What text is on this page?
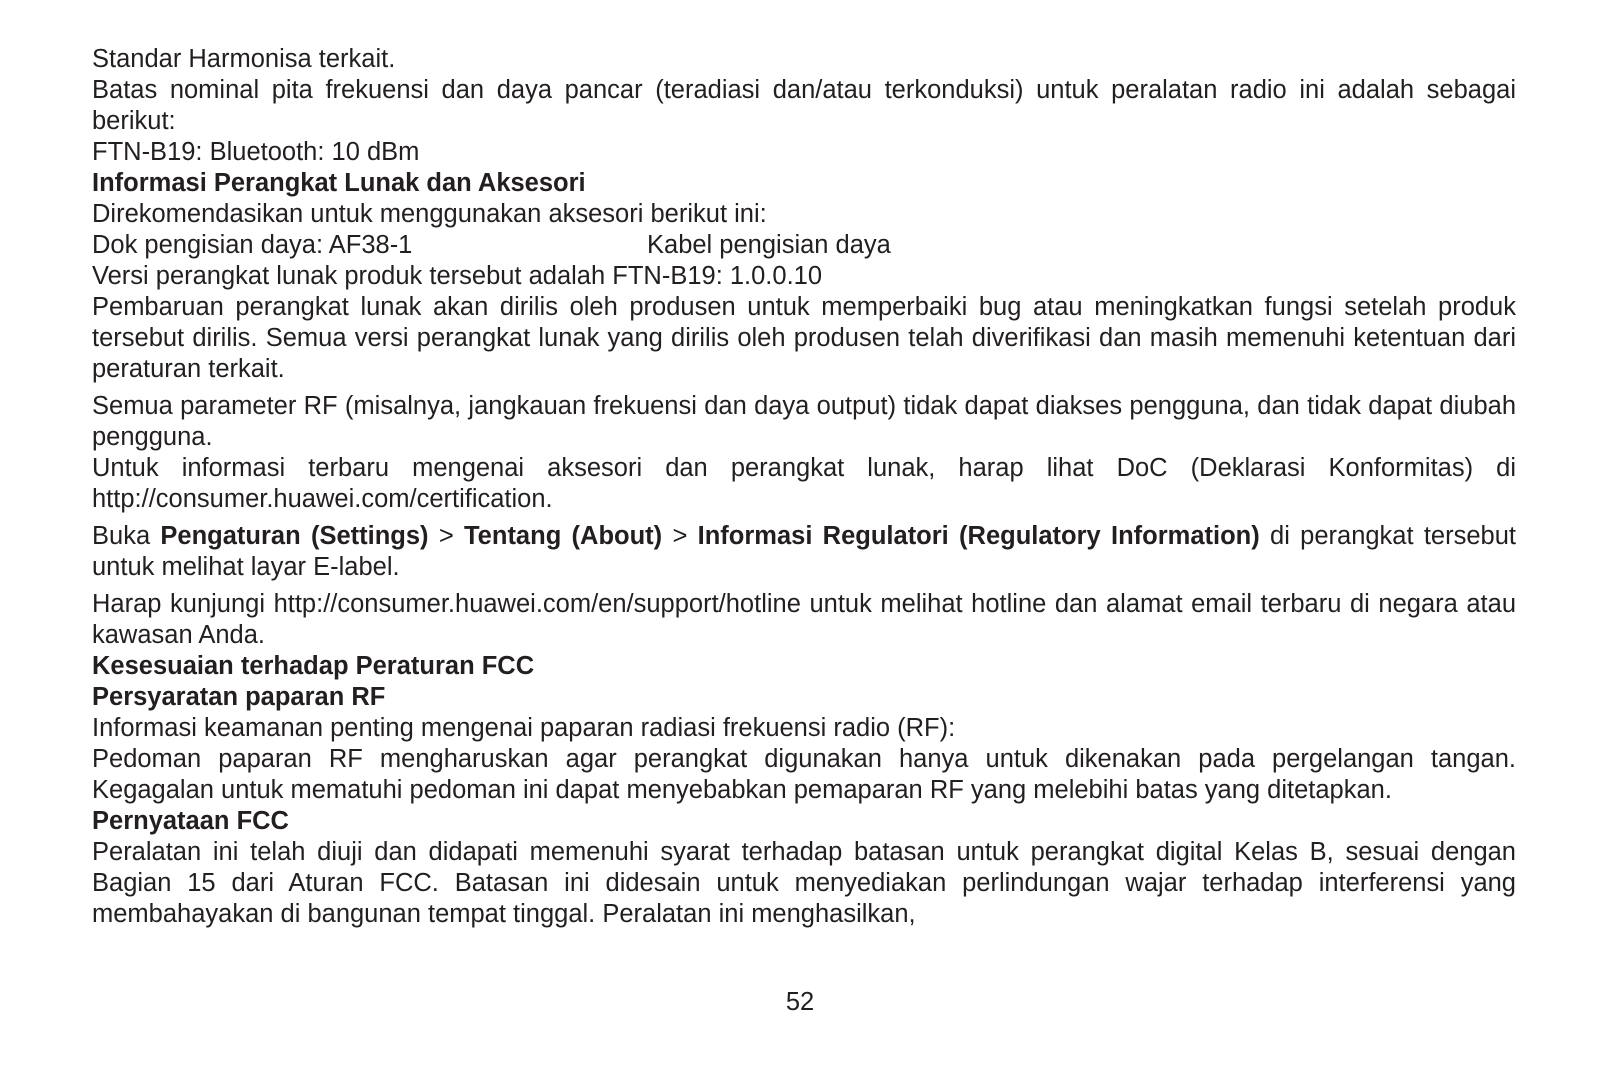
Standar Harmonisa terkait.

Batas nominal pita frekuensi dan daya pancar (teradiasi dan/atau terkonduksi) untuk peralatan radio ini adalah sebagai berikut:

FTN-B19: Bluetooth: 10 dBm

Informasi Perangkat Lunak dan Aksesori

Direkomendasikan untuk menggunakan aksesori berikut ini:

Dok pengisian daya: AF38-1	Kabel pengisian daya

Versi perangkat lunak produk tersebut adalah FTN-B19: 1.0.0.10

Pembaruan perangkat lunak akan dirilis oleh produsen untuk memperbaiki bug atau meningkatkan fungsi setelah produk tersebut dirilis. Semua versi perangkat lunak yang dirilis oleh produsen telah diverifikasi dan masih memenuhi ketentuan dari peraturan terkait.

Semua parameter RF (misalnya, jangkauan frekuensi dan daya output) tidak dapat diakses pengguna, dan tidak dapat diubah pengguna.

Untuk informasi terbaru mengenai aksesori dan perangkat lunak, harap lihat DoC (Deklarasi Konformitas) di http://consumer.huawei.com/certification.

Buka Pengaturan (Settings) > Tentang (About) > Informasi Regulatori (Regulatory Information) di perangkat tersebut untuk melihat layar E-label.

Harap kunjungi http://consumer.huawei.com/en/support/hotline untuk melihat hotline dan alamat email terbaru di negara atau kawasan Anda.

Kesesuaian terhadap Peraturan FCC

Persyaratan paparan RF

Informasi keamanan penting mengenai paparan radiasi frekuensi radio (RF):

Pedoman paparan RF mengharuskan agar perangkat digunakan hanya untuk dikenakan pada pergelangan tangan. Kegagalan untuk mematuhi pedoman ini dapat menyebabkan pemaparan RF yang melebihi batas yang ditetapkan.

Pernyataan FCC

Peralatan ini telah diuji dan didapati memenuhi syarat terhadap batasan untuk perangkat digital Kelas B, sesuai dengan Bagian 15 dari Aturan FCC. Batasan ini didesain untuk menyediakan perlindungan wajar terhadap interferensi yang membahayakan di bangunan tempat tinggal. Peralatan ini menghasilkan,

52
